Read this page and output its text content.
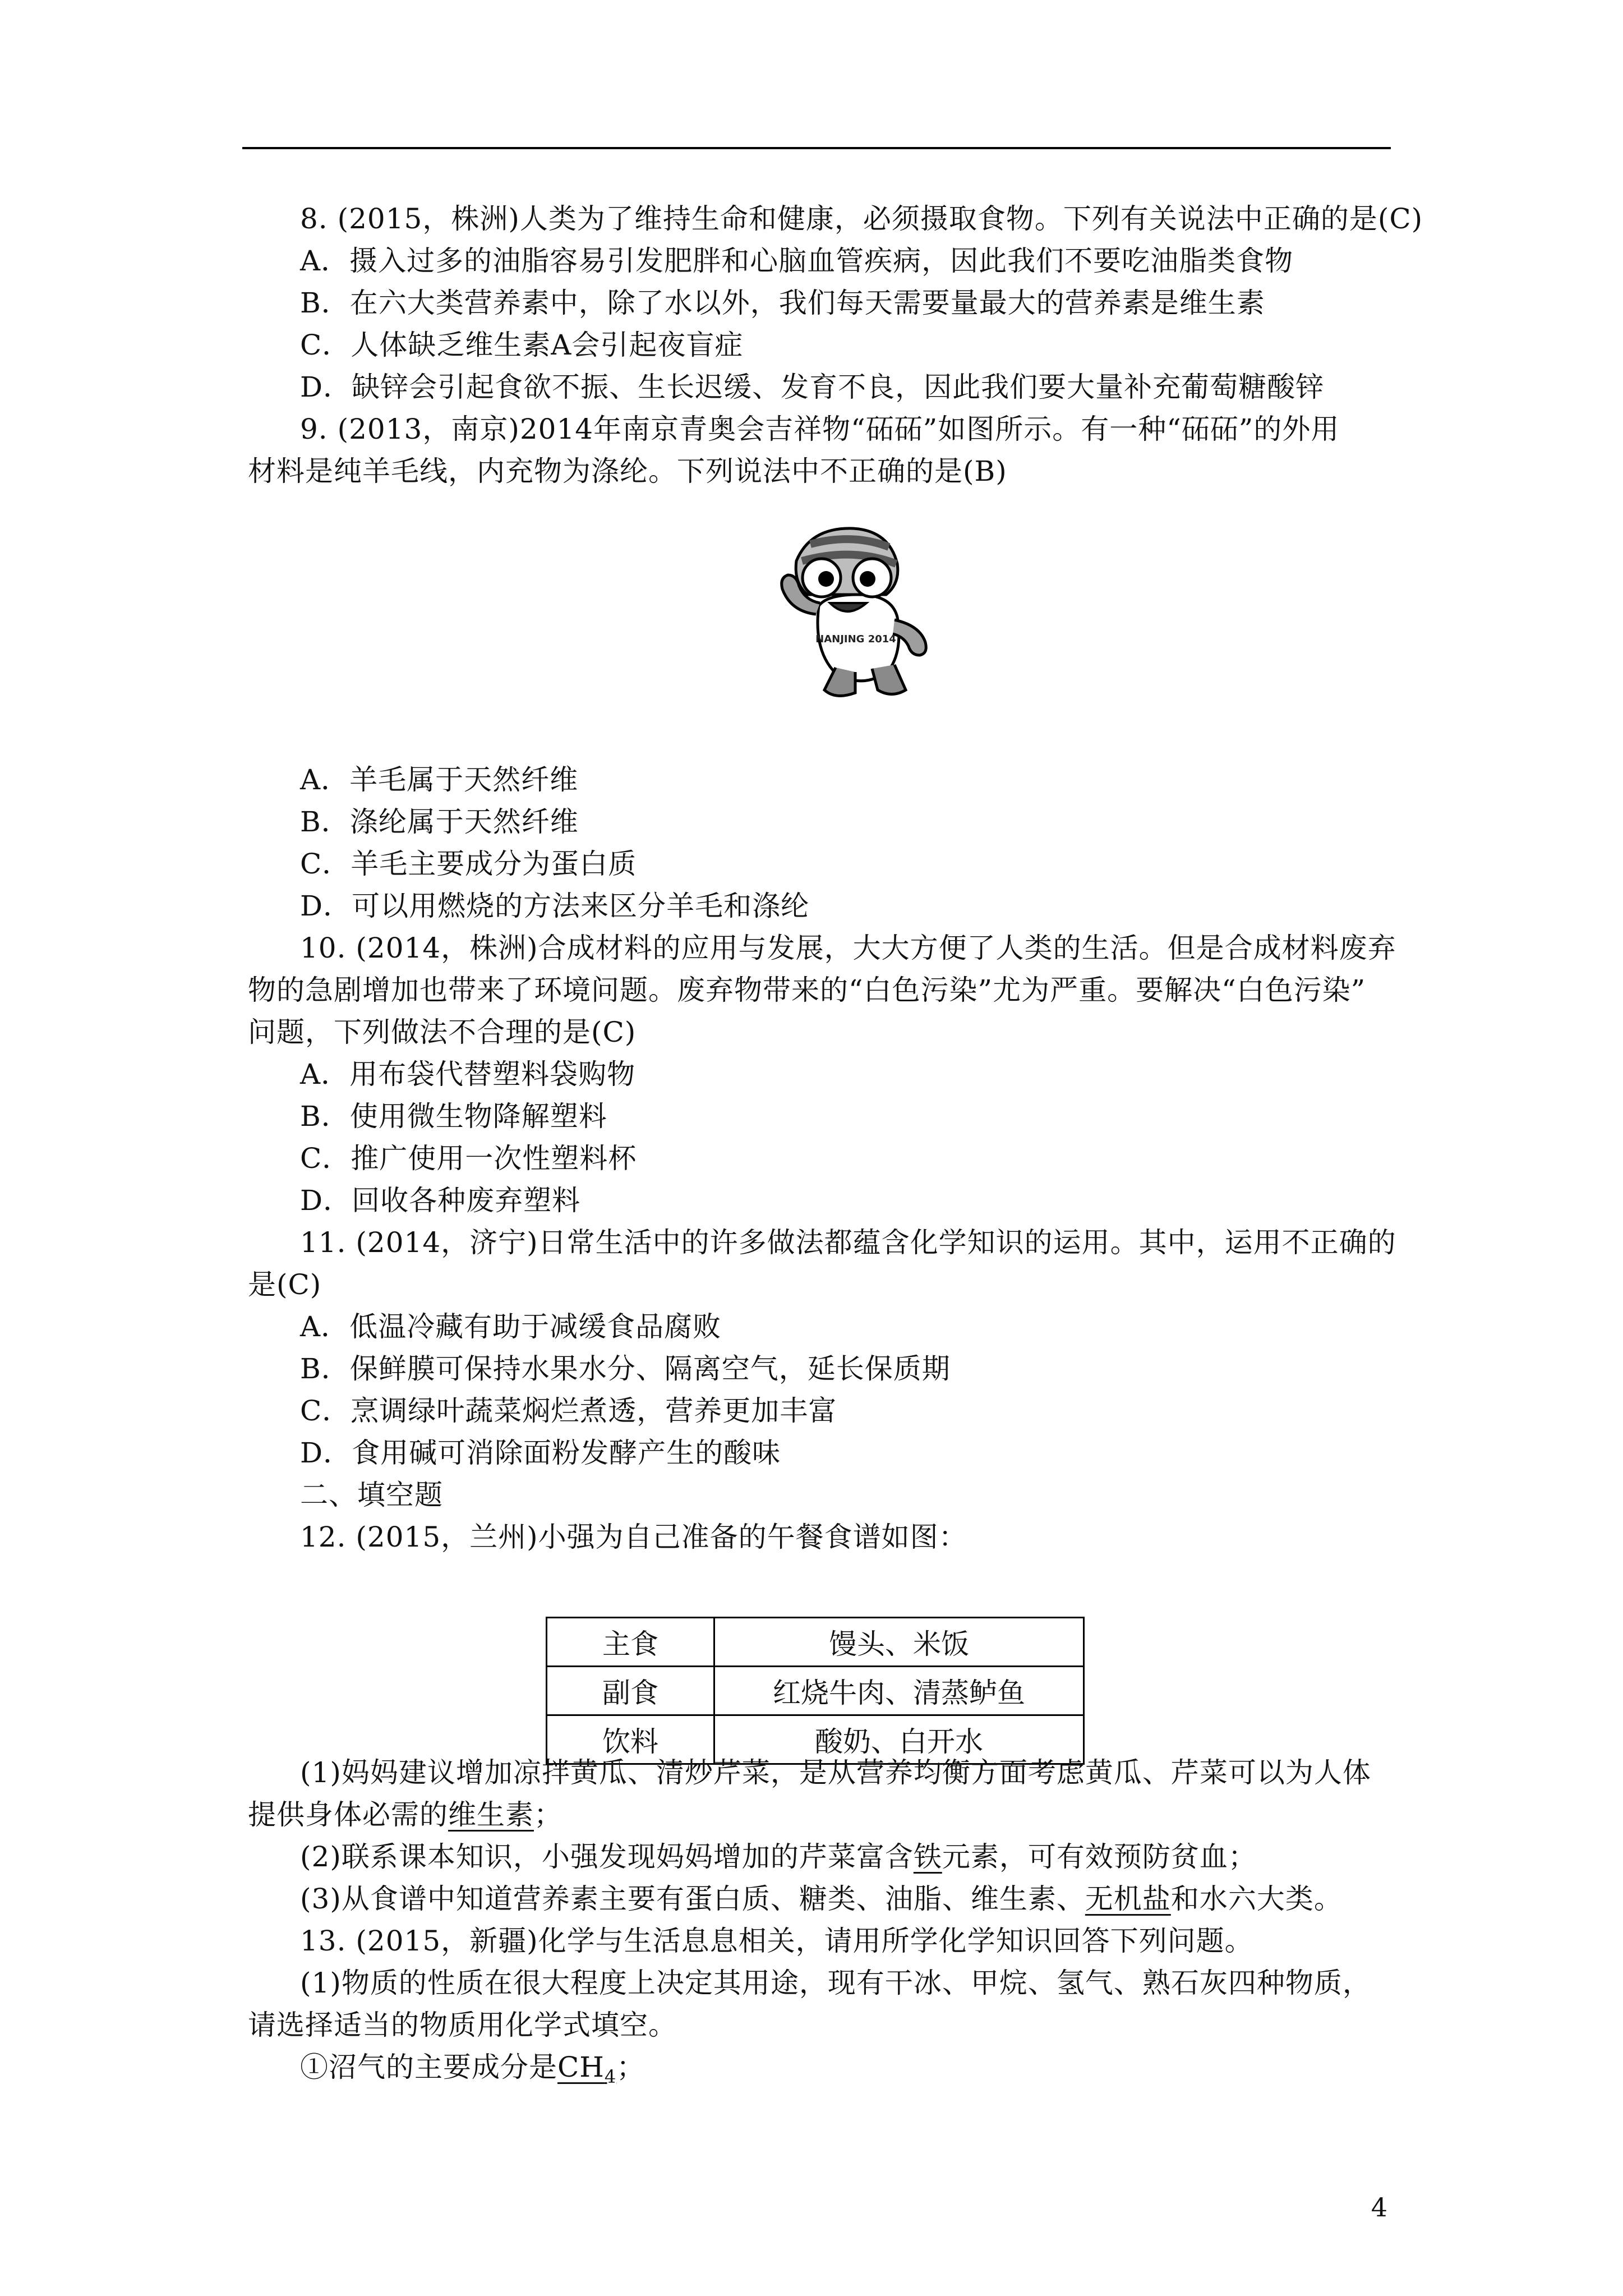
8. (2015，株洲)人类为了维持生命和健康，必须摄取食物。下列有关说法中正确的是(C)
A．摄入过多的油脂容易引发肥胖和心脑血管疾病，因此我们不要吃油脂类食物
B．在六大类营养素中，除了水以外，我们每天需要量最大的营养素是维生素
C．人体缺乏维生素A会引起夜盲症
D．缺锌会引起食欲不振、生长迟缓、发育不良，因此我们要大量补充葡萄糖酸锌
9. (2013，南京)2014年南京青奥会吉祥物“砳砳”如图所示。有一种“砳砳”的外用
材料是纯羊毛线，内充物为涤纶。下列说法中不正确的是(B)
NANJING 2014
A．羊毛属于天然纤维
B．涤纶属于天然纤维
C．羊毛主要成分为蛋白质
D．可以用燃烧的方法来区分羊毛和涤纶
10. (2014，株洲)合成材料的应用与发展，大大方便了人类的生活。但是合成材料废弃
物的急剧增加也带来了环境问题。废弃物带来的“白色污染”尤为严重。要解决“白色污染”
问题，下列做法不合理的是(C)
A．用布袋代替塑料袋购物
B．使用微生物降解塑料
C．推广使用一次性塑料杯
D．回收各种废弃塑料
11. (2014，济宁)日常生活中的许多做法都蕴含化学知识的运用。其中，运用不正确的
是(C)
A．低温冷藏有助于减缓食品腐败
B．保鲜膜可保持水果水分、隔离空气，延长保质期
C．烹调绿叶蔬菜焖烂煮透，营养更加丰富
D．食用碱可消除面粉发酵产生的酸味
二、填空题
12. (2015，兰州)小强为自己准备的午餐食谱如图：
主食	馒头、米饭
副食	红烧牛肉、清蒸鲈鱼
饮料	酸奶、白开水
(1)妈妈建议增加凉拌黄瓜、清炒芹菜，是从营养均衡方面考虑黄瓜、芹菜可以为人体
提供身体必需的维生素；
(2)联系课本知识，小强发现妈妈增加的芹菜富含铁元素，可有效预防贫血；
(3)从食谱中知道营养素主要有蛋白质、糖类、油脂、维生素、无机盐和水六大类。
13. (2015，新疆)化学与生活息息相关，请用所学化学知识回答下列问题。
(1)物质的性质在很大程度上决定其用途，现有干冰、甲烷、氢气、熟石灰四种物质，
请选择适当的物质用化学式填空。
①沼气的主要成分是$CH_4$；
4
